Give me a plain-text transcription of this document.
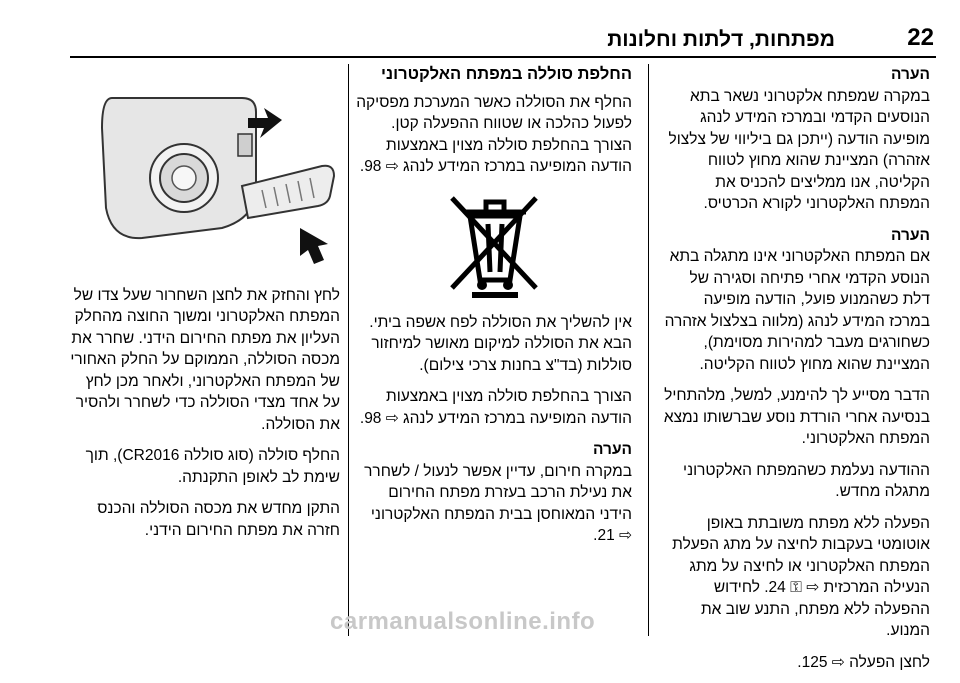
22
מפתחות, דלתות וחלונות

הערה

במקרה שמפתח אלקטרוני נשאר בתא הנוסעים הקדמי ובמרכז המידע לנהג מופיעה הודעה (ייתכן גם ביליווי של צלצול אזהרה) המציינת שהוא מחוץ לטווח הקליטה, אנו ממליצים להכניס את המפתח האלקטרוני לקורא הכרטיס.

הערה

אם המפתח האלקטרוני אינו מתגלה בתא הנוסע הקדמי אחרי פתיחה וסגירה של דלת כשהמנוע פועל, הודעה מופיעה במרכז המידע לנהג (מלווה בצלצול אזהרה כשחורגים מעבר למהירות מסוימת), המציינת שהוא מחוץ לטווח הקליטה.

הדבר מסייע לך להימנע, למשל, מלהתחיל בנסיעה אחרי הורדת נוסע שברשותו נמצא המפתח האלקטרוני.

ההודעה נעלמת כשהמפתח האלקטרוני מתגלה מחדש.

הפעלה ללא מפתח משובתת באופן אוטומטי בעקבות לחיצה על מתג הפעלת המפתח האלקטרוני או לחיצה על מתג הנעילה המרכזית ⇨ ⚿ 24. לחידוש ההפעלה ללא מפתח, התנע שוב את המנוע.

לחצן הפעלה ⇨ 125.

החלפת סוללה במפתח האלקטרוני

החלף את הסוללה כאשר המערכת מפסיקה לפעול כהלכה או שטווח ההפעלה קטן. הצורך בהחלפת סוללה מצוין באמצעות הודעה המופיעה במרכז המידע לנהג ⇨ 98.

אין להשליך את הסוללה לפח אשפה ביתי. הבא את הסוללה למיקום מאושר למיחזור סוללות (בד"צ בחנות צרכי צילום).

הצורך בהחלפת סוללה מצוין באמצעות הודעה המופיעה במרכז המידע לנהג ⇨ 98.

הערה

במקרה חירום, עדיין אפשר לנעול / לשחרר את נעילת הרכב בעזרת מפתח החירום הידני המאוחסן בבית המפתח האלקטרוני ⇨ 21.

לחץ והחזק את לחצן השחרור שעל צדו של המפתח האלקטרוני ומשוך החוצה מהחלק העליון את מפתח החירום הידני. שחרר את מכסה הסוללה, הממוקם על החלק האחורי של המפתח האלקטרוני, ולאחר מכן לחץ על אחד מצדי הסוללה כדי לשחרר ולהסיר את הסוללה.

החלף סוללה (סוג סוללה CR2016), תוך שימת לב לאופן התקנתה.

התקן מחדש את מכסה הסוללה והכנס חזרה את מפתח החירום הידני.

carmanualsonline.info
